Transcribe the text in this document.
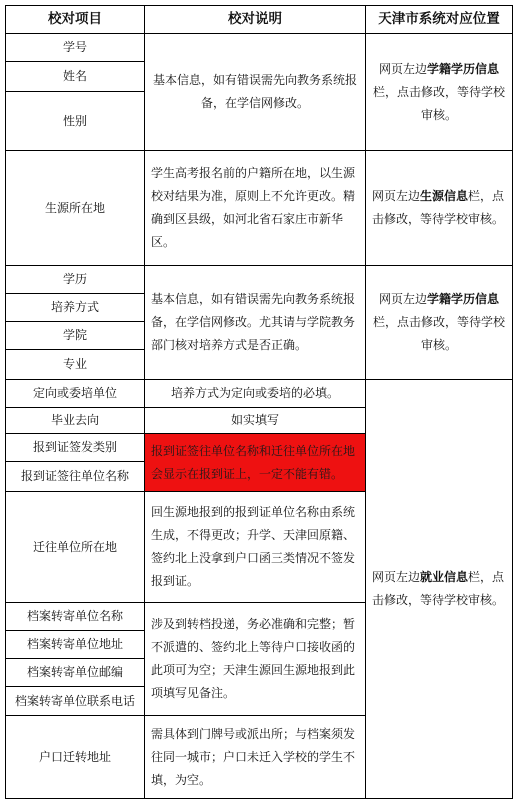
校对项目	校对说明	天津市系统对应位置
学号
姓名
性别
生源所在地
学历
培养方式
学院
专业
定向或委培单位
毕业去向
报到证签发类别
报到证签往单位名称
迁往单位所在地
档案转寄单位名称
档案转寄单位地址
档案转寄单位邮编
档案转寄单位联系电话
户口迁转地址
基本信息，如有错误需先向教务系统报备，在学信网修改。
学生高考报名前的户籍所在地，以生源校对结果为准，原则上不允许更改。精确到区县级，如河北省石家庄市新华区。
基本信息，如有错误需先向教务系统报备，在学信网修改。尤其请与学院教务部门核对培养方式是否正确。
培养方式为定向或委培的必填。
如实填写
报到证签往单位名称和迁往单位所在地会显示在报到证上，一定不能有错。
回生源地报到的报到证单位名称由系统生成，不得更改；升学、天津回原籍、签约北上没拿到户口函三类情况不签发报到证。
涉及到转档投递，务必准确和完整；暂不派遣的、签约北上等待户口接收函的此项可为空；天津生源回生源地报到此项填写见备注。
需具体到门牌号或派出所；与档案须发往同一城市；户口未迁入学校的学生不填，为空。
网页左边学籍学历信息栏，点击修改，等待学校审核。
网页左边生源信息栏，点击修改，等待学校审核。
网页左边学籍学历信息栏，点击修改，等待学校审核。
网页左边就业信息栏，点击修改，等待学校审核。
